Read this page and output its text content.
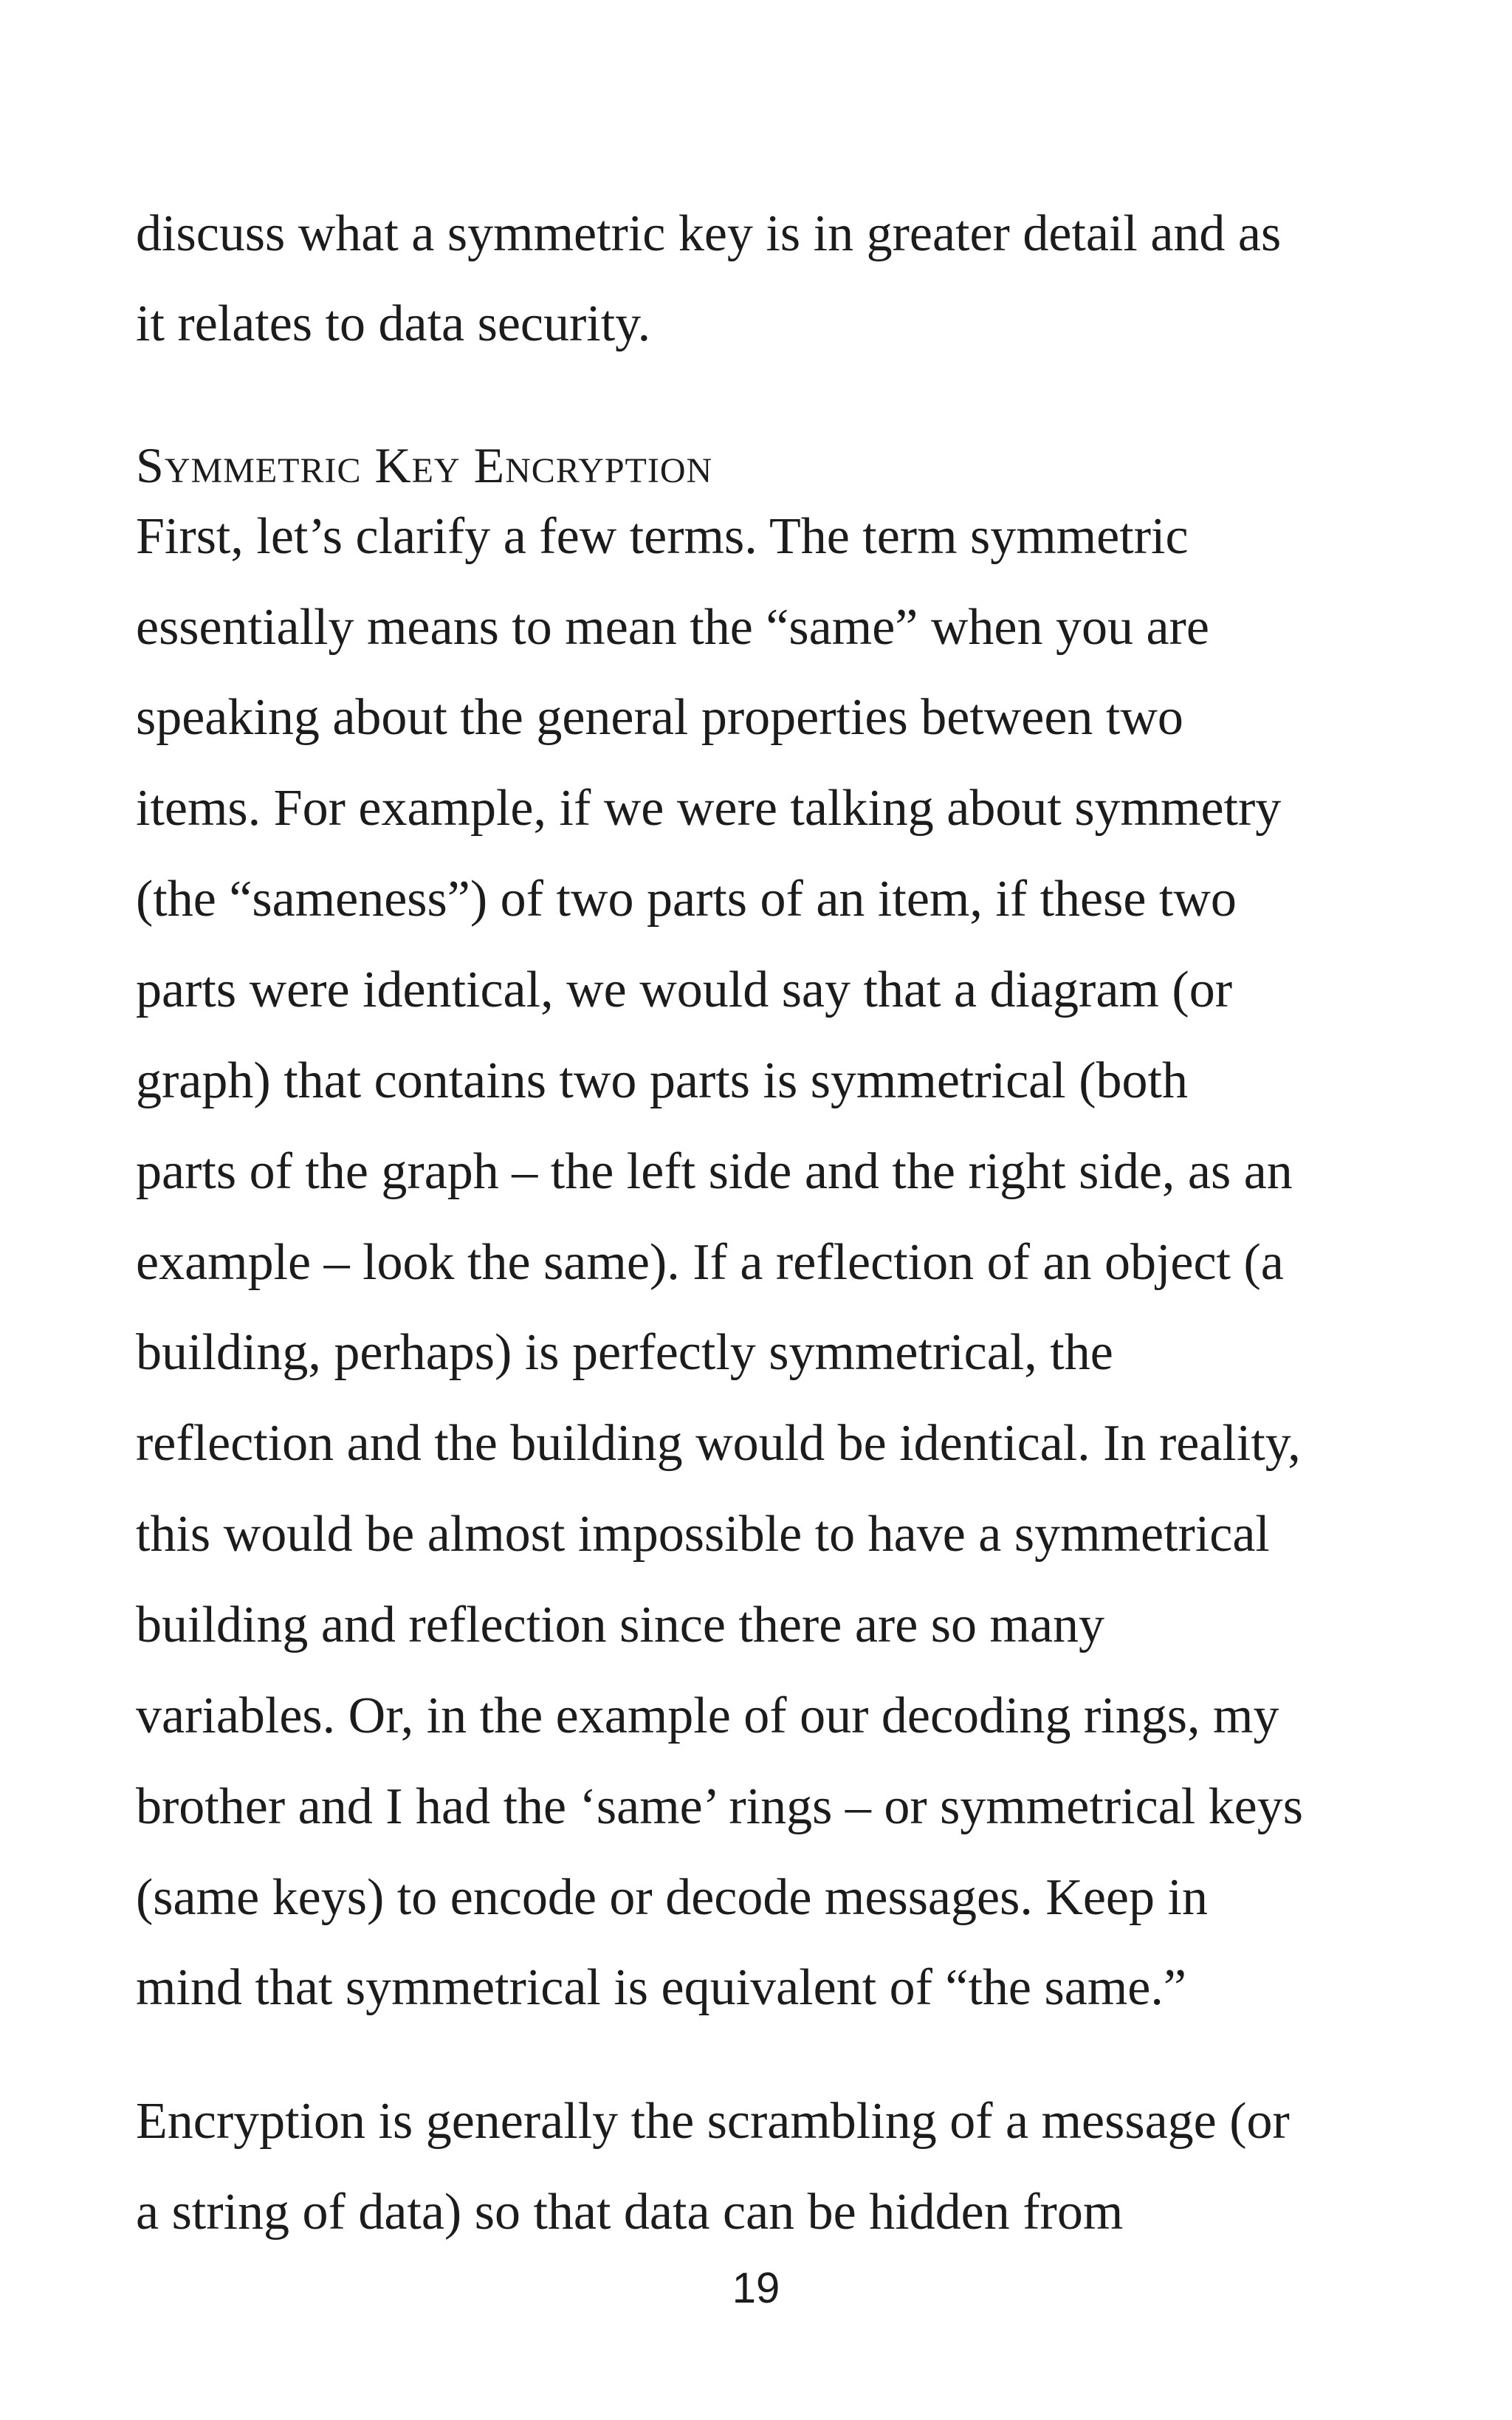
discuss what a symmetric key is in greater detail and as
it relates to data security.
Symmetric Key Encryption
First, let’s clarify a few terms. The term symmetric
essentially means to mean the “same” when you are
speaking about the general properties between two
items. For example, if we were talking about symmetry
(the “sameness”) of two parts of an item, if these two
parts were identical, we would say that a diagram (or
graph) that contains two parts is symmetrical (both
parts of the graph – the left side and the right side, as an
example – look the same). If a reflection of an object (a
building, perhaps) is perfectly symmetrical, the
reflection and the building would be identical. In reality,
this would be almost impossible to have a symmetrical
building and reflection since there are so many
variables. Or, in the example of our decoding rings, my
brother and I had the ‘same’ rings – or symmetrical keys
(same keys) to encode or decode messages. Keep in
mind that symmetrical is equivalent of “the same.”
Encryption is generally the scrambling of a message (or
a string of data) so that data can be hidden from
19
